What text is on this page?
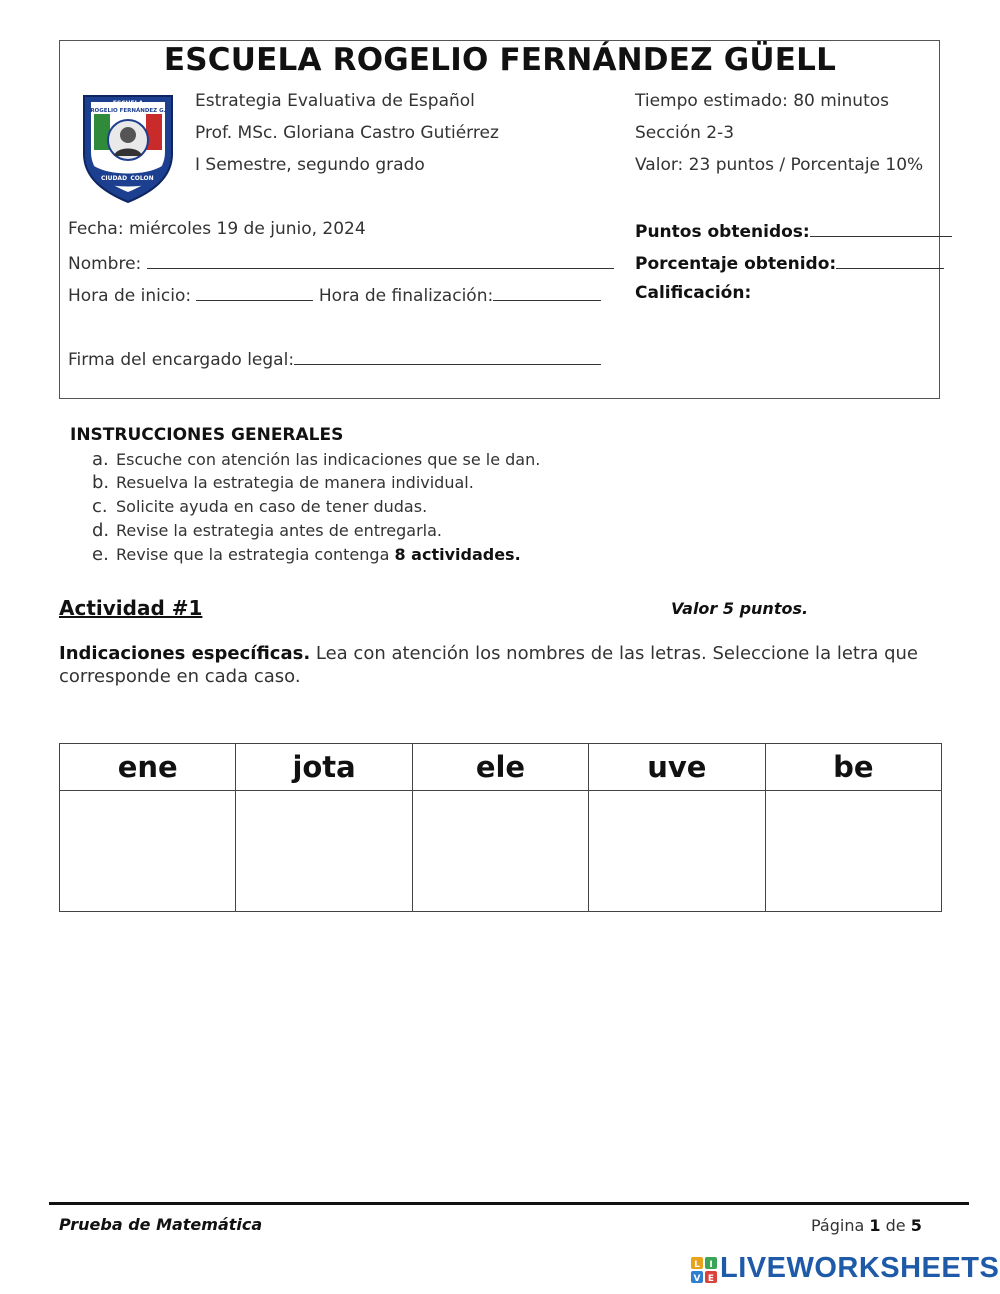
ESCUELA ROGELIO FERNÁNDEZ GÜELL
ESCUELA
ROGELIO FERNÁNDEZ G.
CIUDAD COLON
Estrategia Evaluativa de Español
Prof. MSc. Gloriana Castro Gutiérrez
I Semestre, segundo grado
Tiempo estimado: 80 minutos
Sección 2-3
Valor: 23 puntos / Porcentaje 10%
Fecha: miércoles 19 de junio, 2024
Nombre:
Hora de inicio:	Hora de finalización:
Firma del encargado legal:
Puntos obtenidos:
Porcentaje obtenido:
Calificación:
INSTRUCCIONES GENERALES
a. Escuche con atención las indicaciones que se le dan.
b. Resuelva la estrategia de manera individual.
c. Solicite ayuda en caso de tener dudas.
d. Revise la estrategia antes de entregarla.
e. Revise que la estrategia contenga 8 actividades.
Actividad #1	Valor 5 puntos.
Indicaciones específicas. Lea con atención los nombres de las letras. Seleccione la letra que corresponde en cada caso.
ene	jota	ele	uve	be

Prueba de Matemática	Página 1 de 5
L I
V E LIVEWORKSHEETS
